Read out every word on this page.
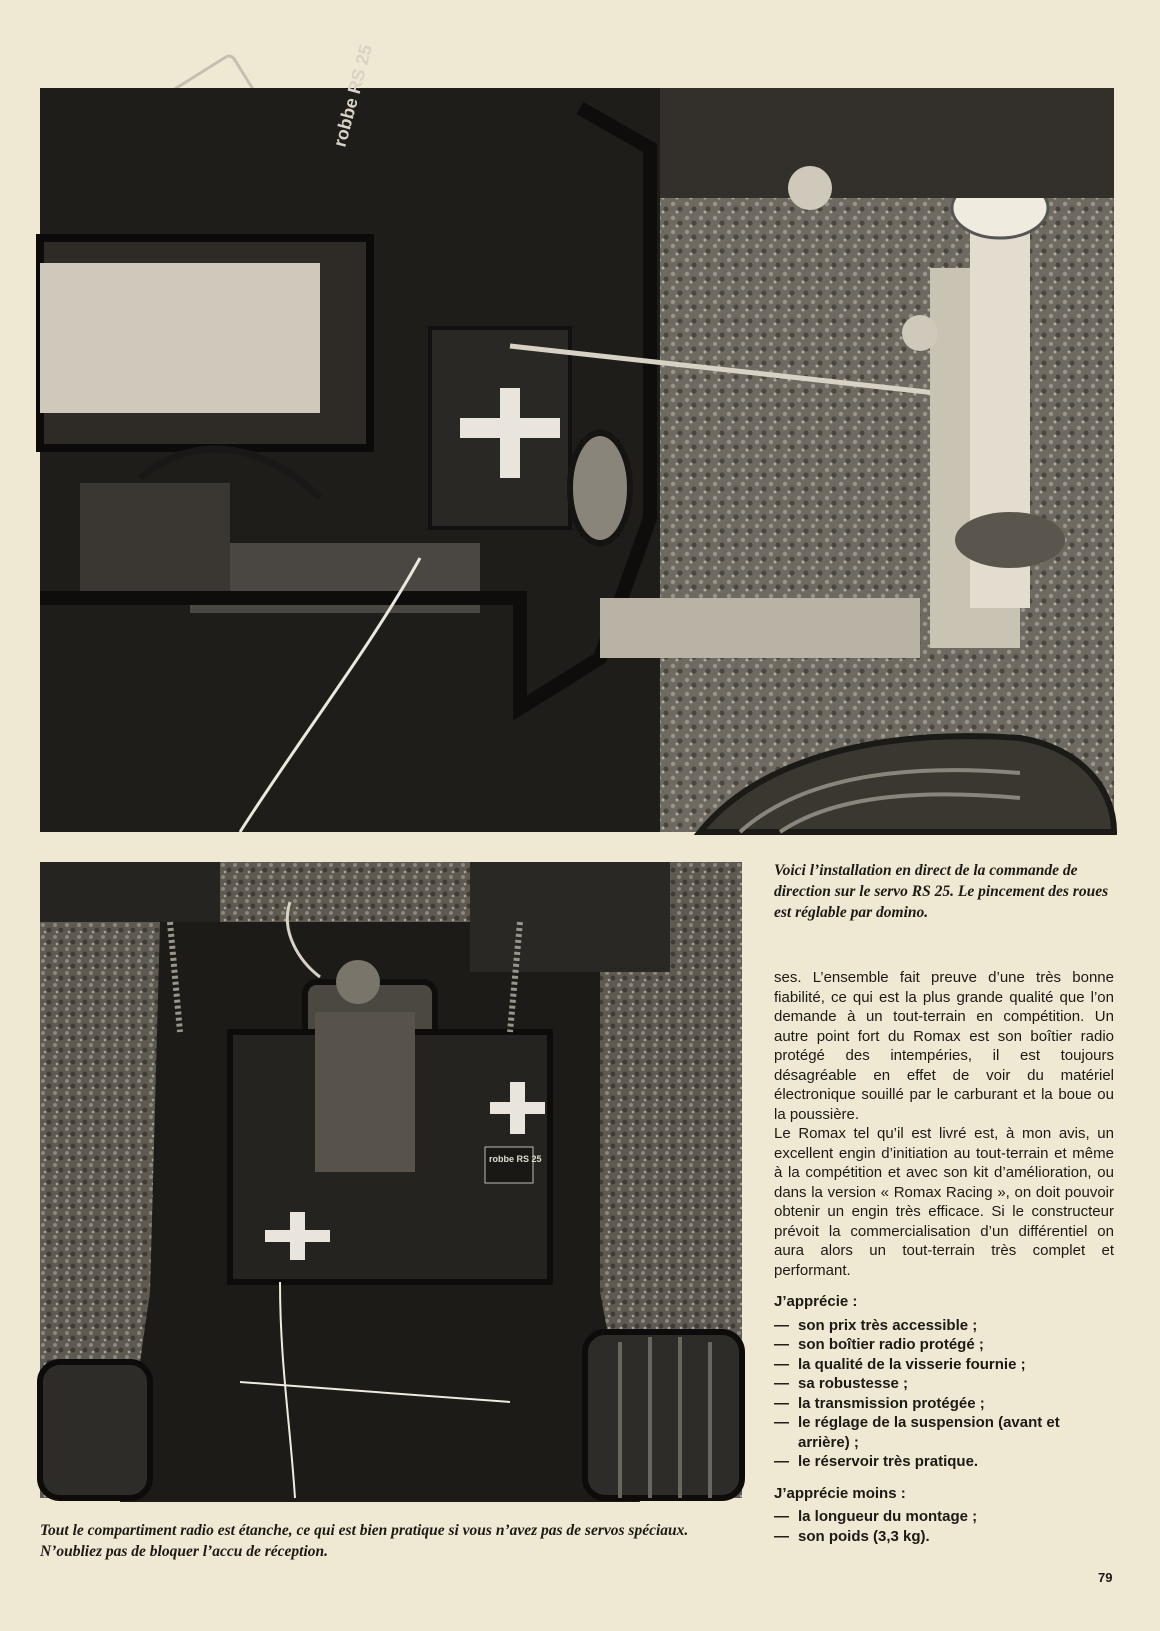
robbe RS 25
robbe RS 25
Voici l’installation en direct de la commande de direction sur le servo RS 25. Le pincement des roues est réglable par domino.
Tout le compartiment radio est étanche, ce qui est bien pratique si vous n’avez pas de servos spéciaux. N’oubliez pas de bloquer l’accu de réception.

ses. L’ensemble fait preuve d’une très bonne fiabilité, ce qui est la plus grande qualité que l’on demande à un tout-terrain en compétition. Un autre point fort du Romax est son boîtier radio protégé des intempéries, il est toujours désagréable en effet de voir du matériel électronique souillé par le carburant et la boue ou la poussière.

Le Romax tel qu’il est livré est, à mon avis, un excellent engin d’initiation au tout-terrain et même à la compétition et avec son kit d’amélioration, ou dans la version « Romax Racing », on doit pouvoir obtenir un engin très efficace. Si le constructeur prévoit la commercialisation d’un différentiel on aura alors un tout-terrain très complet et performant.

J’apprécie :
— son prix très accessible ;
— son boîtier radio protégé ;
— la qualité de la visserie fournie ;
— sa robustesse ;
— la transmission protégée ;
— le réglage de la suspension (avant et arrière) ;
— le réservoir très pratique.
J’apprécie moins :
— la longueur du montage ;
— son poids (3,3 kg).
79
